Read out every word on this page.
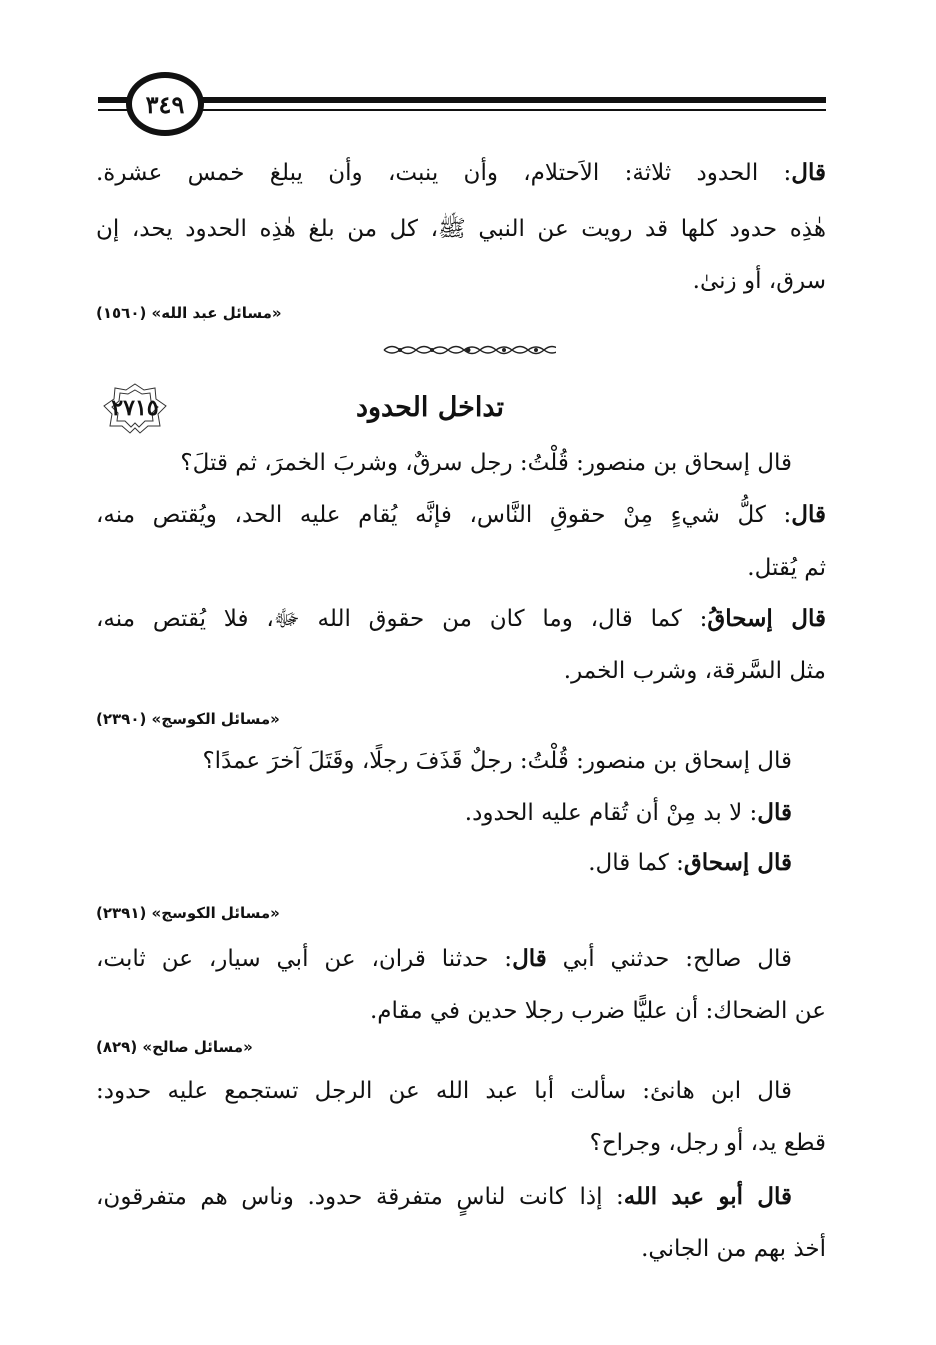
٣٤٩
قال: الحدود ثلاثة: الاَحتلام، وأن ينبت، وأن يبلغ خمس عشرة.
هٰذِه حدود كلها قد رويت عن النبي ﷺ، كل من بلغ هٰذِه الحدود يحد، إن
سرق، أو زنىٰ.
«مسائل عبد الله» (١٥٦٠)
٢٧١٥	تداخل الحدود
قال إسحاق بن منصور: قُلْتُ: رجل سرقٌ، وشربَ الخمرَ، ثم قتلَ؟
قال: كلُّ شيءٍ مِنْ حقوقِ النَّاس، فإنَّه يُقام عليه الحد، ويُقتص منه،
ثم يُقتل.
قال إسحاقُ: كما قال، وما كان من حقوق الله ﷻ، فلا يُقتص منه،
مثل السَّرقة، وشرب الخمر.
«مسائل الكوسج» (٢٣٩٠)
قال إسحاق بن منصور: قُلْتُ: رجلٌ قَذَفَ رجلًا، وقَتَلَ آخرَ عمدًا؟
قال: لا بد مِنْ أن تُقام عليه الحدود.
قال إسحاق: كما قال.
«مسائل الكوسج» (٢٣٩١)
قال صالح: حدثني أبي قال: حدثنا قران، عن أبي سيار، عن ثابت،
عن الضحاك: أن عليًّا ضرب رجلا حدين في مقام.
«مسائل صالح» (٨٢٩)
قال ابن هانئ: سألت أبا عبد الله عن الرجل تستجمع عليه حدود:
قطع يد، أو رجل، وجراح؟
قال أبو عبد الله: إذا كانت لناسٍ متفرقة حدود. وناس هم متفرقون،
أخذ بهم من الجاني.
